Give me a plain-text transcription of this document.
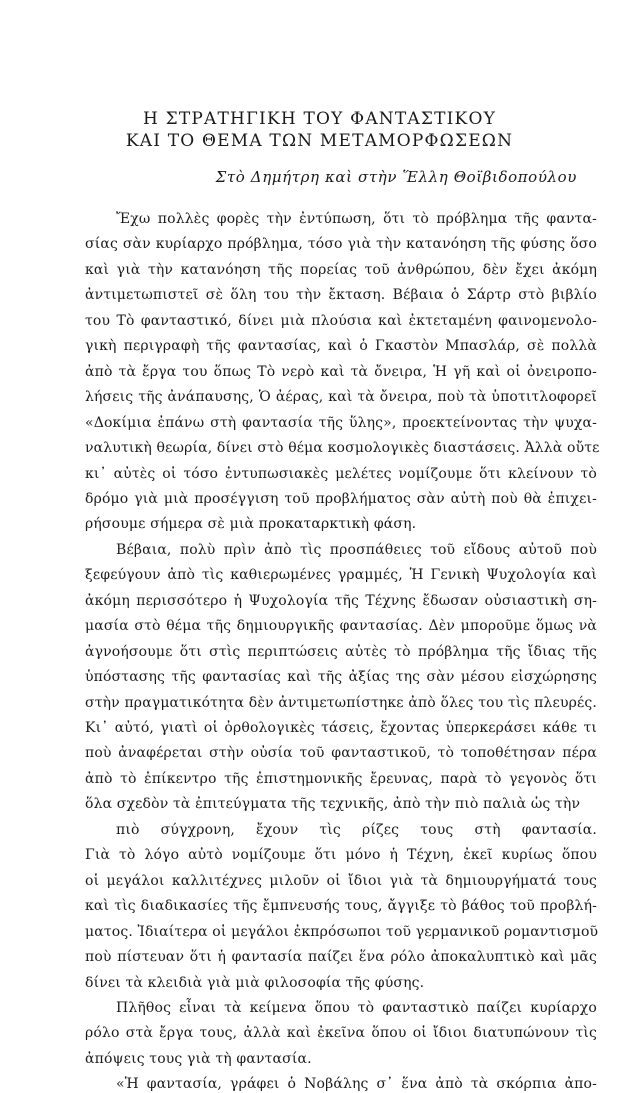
Η ΣΤΡΑΤΗΓΙΚΗ ΤΟΥ ΦΑΝΤΑΣΤΙΚΟΥ
ΚΑΙ ΤΟ ΘΕΜΑ ΤΩΝ ΜΕΤΑΜΟΡΦΩΣΕΩΝ
Στὸ Δημήτρη καὶ στὴν Ἕλλη Θοϊβιδοπούλου
Ἔχω πολλὲς φορὲς τὴν ἐντύπωση, ὅτι τὸ πρόβλημα τῆς φαντα-
σίας σὰν κυρίαρχο πρόβλημα, τόσο γιὰ τὴν κατανόηση τῆς φύσης ὅσο
καὶ γιὰ τὴν κατανόηση τῆς πορείας τοῦ ἀνθρώπου, δὲν ἔχει ἀκόμη
ἀντιμετωπιστεῖ σὲ ὅλη του τὴν ἔκταση. Βέβαια ὁ Σάρτρ στὸ βιβλίο
του Τὸ φανταστικό, δίνει μιὰ πλούσια καὶ ἐκτεταμένη φαινομενολο-
γικὴ περιγραφὴ τῆς φαντασίας, καὶ ὁ Γκαστὸν Μπασλάρ, σὲ πολλὰ
ἀπὸ τὰ ἔργα του ὅπως Τὸ νερὸ καὶ τὰ ὄνειρα, Ἡ γῆ καὶ οἱ ὀνειροπο-
λήσεις τῆς ἀνάπαυσης, Ὁ ἀέρας, καὶ τὰ ὄνειρα, ποὺ τὰ ὑποτιτλοφορεῖ
«Δοκίμια ἐπάνω στὴ φαντασία τῆς ὕλης», προεκτείνοντας τὴν ψυχα-
ναλυτικὴ θεωρία, δίνει στὸ θέμα κοσμολογικὲς διαστάσεις. Ἀλλὰ οὔτε
κι᾿ αὐτὲς οἱ τόσο ἐντυπωσιακὲς μελέτες νομίζουμε ὅτι κλείνουν τὸ
δρόμο γιὰ μιὰ προσέγγιση τοῦ προβλήματος σὰν αὐτὴ ποὺ θὰ ἐπιχει-
ρήσουμε σήμερα σὲ μιὰ προκαταρκτικὴ φάση.
Βέβαια, πολὺ πρὶν ἀπὸ τὶς προσπάθειες τοῦ εἴδους αὐτοῦ ποὺ
ξεφεύγουν ἀπὸ τὶς καθιερωμένες γραμμές, Ἡ Γενικὴ Ψυχολογία καὶ
ἀκόμη περισσότερο ἡ Ψυχολογία τῆς Τέχνης ἔδωσαν οὐσιαστικὴ ση-
μασία στὸ θέμα τῆς δημιουργικῆς φαντασίας. Δὲν μποροῦμε ὅμως νὰ
ἀγνοήσουμε ὅτι στὶς περιπτώσεις αὐτὲς τὸ πρόβλημα τῆς ἴδιας τῆς
ὑπόστασης τῆς φαντασίας καὶ τῆς ἀξίας της σὰν μέσου εἰσχώρησης
στὴν πραγματικότητα δὲν ἀντιμετωπίστηκε ἀπὸ ὅλες του τὶς πλευρές.
Κι᾿ αὐτό, γιατὶ οἱ ὀρθολογικὲς τάσεις, ἔχοντας ὑπερκεράσει κάθε τι
ποὺ ἀναφέρεται στὴν οὐσία τοῦ φανταστικοῦ, τὸ τοποθέτησαν πέρα
ἀπὸ τὸ ἐπίκεντρο τῆς ἐπιστημονικῆς ἔρευνας, παρὰ τὸ γεγονὸς ὅτι
ὅλα σχεδὸν τὰ ἐπιτεύγματα τῆς τεχνικῆς, ἀπὸ τὴν πιὸ παλιὰ ὡς τὴν
πιὸ σύγχρονη, ἔχουν τὶς ρίζες τους στὴ φαντασία.
Γιὰ τὸ λόγο αὐτὸ νομίζουμε ὅτι μόνο ἡ Τέχνη, ἐκεῖ κυρίως ὅπου
οἱ μεγάλοι καλλιτέχνες μιλοῦν οἱ ἴδιοι γιὰ τὰ δημιουργήματά τους
καὶ τὶς διαδικασίες τῆς ἔμπνευσής τους, ἄγγιξε τὸ βάθος τοῦ προβλή-
ματος. Ἰδιαίτερα οἱ μεγάλοι ἐκπρόσωποι τοῦ γερμανικοῦ ρομαντισμοῦ
ποὺ πίστευαν ὅτι ἡ φαντασία παίζει ἕνα ρόλο ἀποκαλυπτικὸ καὶ μᾶς
δίνει τὰ κλειδιὰ γιὰ μιὰ φιλοσοφία τῆς φύσης.
Πλῆθος εἶναι τὰ κείμενα ὅπου τὸ φανταστικὸ παίζει κυρίαρχο
ρόλο στὰ ἔργα τους, ἀλλὰ καὶ ἐκεῖνα ὅπου οἱ ἴδιοι διατυπώνουν τὶς
ἀπόψεις τους γιὰ τὴ φαντασία.
«Ἡ φαντασία, γράφει ὁ Νοβάλης σ᾿ ἕνα ἀπὸ τὰ σκόρπια ἀπο-
